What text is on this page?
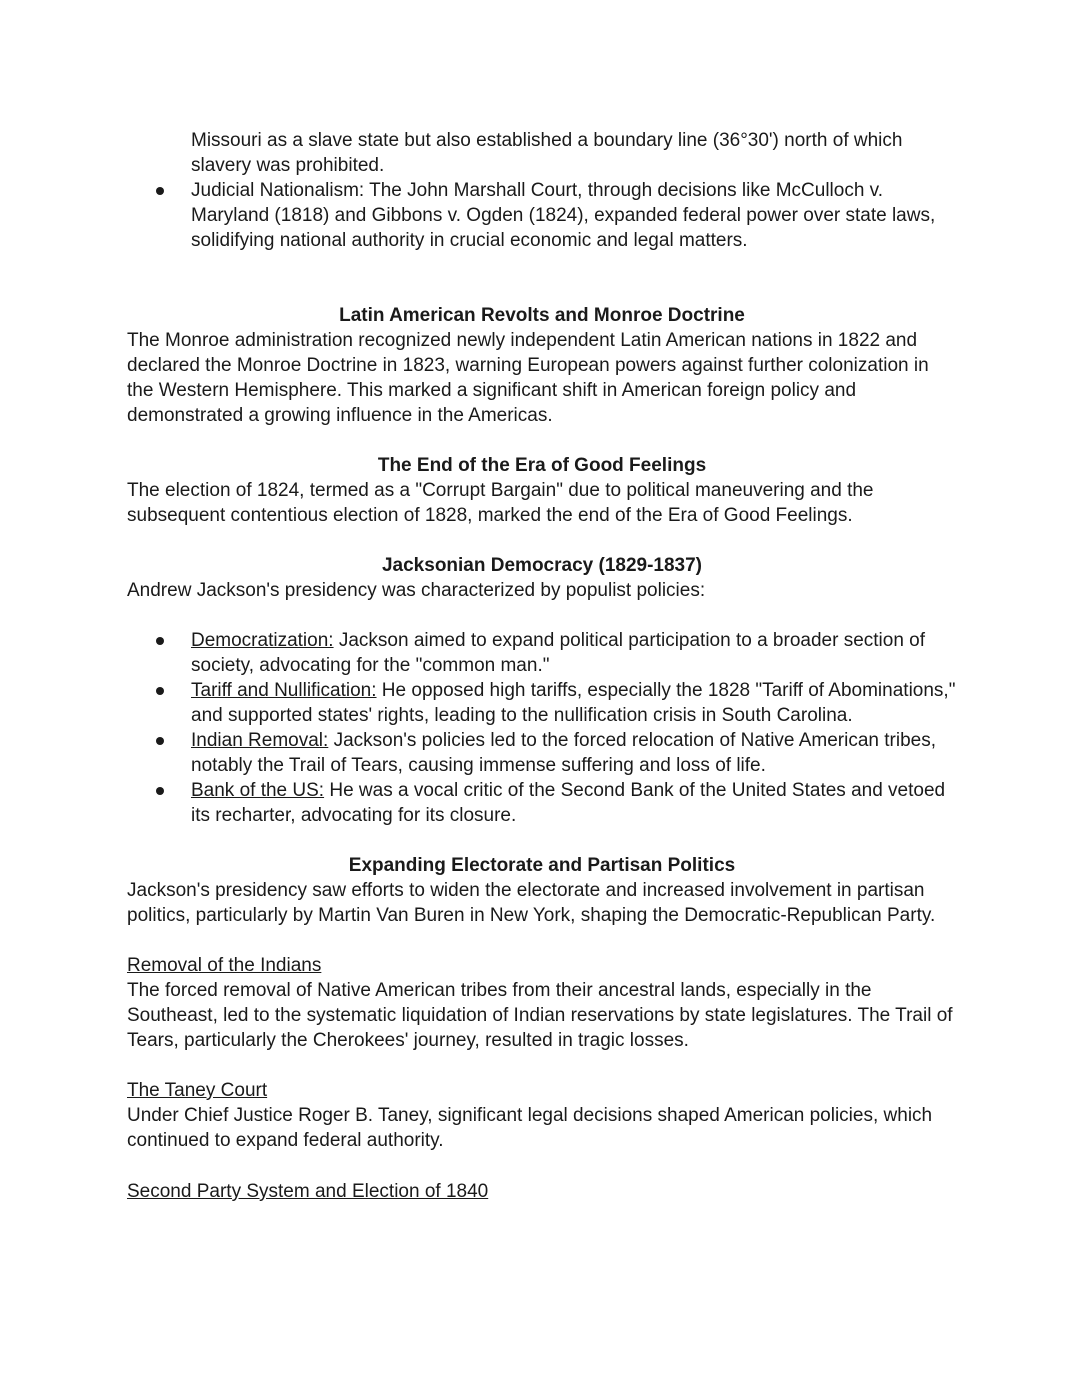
Missouri as a slave state but also established a boundary line (36°30') north of which slavery was prohibited.

Judicial Nationalism: The John Marshall Court, through decisions like McCulloch v. Maryland (1818) and Gibbons v. Ogden (1824), expanded federal power over state laws, solidifying national authority in crucial economic and legal matters.

Latin American Revolts and Monroe Doctrine

The Monroe administration recognized newly independent Latin American nations in 1822 and declared the Monroe Doctrine in 1823, warning European powers against further colonization in the Western Hemisphere. This marked a significant shift in American foreign policy and demonstrated a growing influence in the Americas.

The End of the Era of Good Feelings

The election of 1824, termed as a "Corrupt Bargain" due to political maneuvering and the subsequent contentious election of 1828, marked the end of the Era of Good Feelings.

Jacksonian Democracy (1829-1837)

Andrew Jackson's presidency was characterized by populist policies:

Democratization: Jackson aimed to expand political participation to a broader section of society, advocating for the "common man."
Tariff and Nullification: He opposed high tariffs, especially the 1828 "Tariff of Abominations," and supported states' rights, leading to the nullification crisis in South Carolina.
Indian Removal: Jackson's policies led to the forced relocation of Native American tribes, notably the Trail of Tears, causing immense suffering and loss of life.
Bank of the US: He was a vocal critic of the Second Bank of the United States and vetoed its recharter, advocating for its closure.

Expanding Electorate and Partisan Politics

Jackson's presidency saw efforts to widen the electorate and increased involvement in partisan politics, particularly by Martin Van Buren in New York, shaping the Democratic-Republican Party.

Removal of the Indians

The forced removal of Native American tribes from their ancestral lands, especially in the Southeast, led to the systematic liquidation of Indian reservations by state legislatures. The Trail of Tears, particularly the Cherokees' journey, resulted in tragic losses.

The Taney Court

Under Chief Justice Roger B. Taney, significant legal decisions shaped American policies, which continued to expand federal authority.

Second Party System and Election of 1840
